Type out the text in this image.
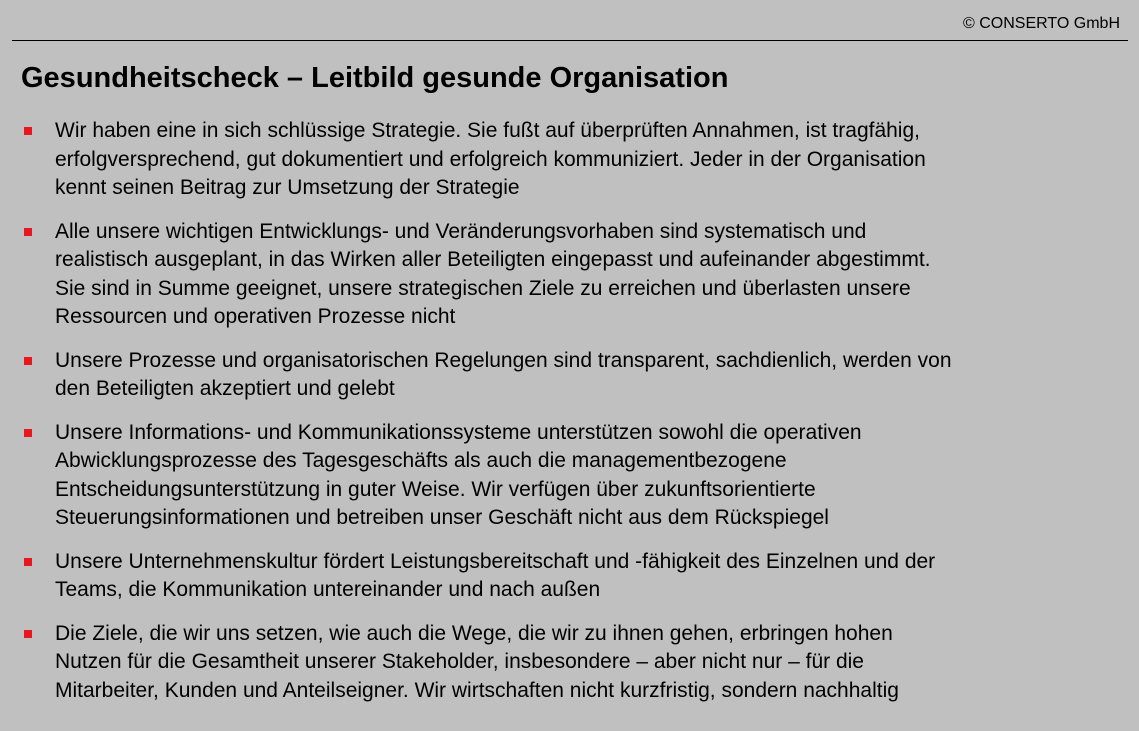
© CONSERTO GmbH
Gesundheitscheck – Leitbild gesunde Organisation
Wir haben eine in sich schlüssige Strategie. Sie fußt auf überprüften Annahmen, ist tragfähig,
erfolgversprechend, gut dokumentiert und erfolgreich kommuniziert. Jeder in der Organisation
kennt seinen Beitrag zur Umsetzung der Strategie
Alle unsere wichtigen Entwicklungs- und Veränderungsvorhaben sind systematisch und
realistisch ausgeplant, in das Wirken aller Beteiligten eingepasst und aufeinander abgestimmt.
Sie sind in Summe geeignet, unsere strategischen Ziele zu erreichen und überlasten unsere
Ressourcen und operativen Prozesse nicht
Unsere Prozesse und organisatorischen Regelungen sind transparent, sachdienlich, werden von
den Beteiligten akzeptiert und gelebt
Unsere Informations- und Kommunikationssysteme unterstützen sowohl die operativen
Abwicklungsprozesse des Tagesgeschäfts als auch die managementbezogene
Entscheidungsunterstützung in guter Weise. Wir verfügen über zukunftsorientierte
Steuerungsinformationen und betreiben unser Geschäft nicht aus dem Rückspiegel
Unsere Unternehmenskultur fördert Leistungsbereitschaft und -fähigkeit des Einzelnen und der
Teams, die Kommunikation untereinander und nach außen
Die Ziele, die wir uns setzen, wie auch die Wege, die wir zu ihnen gehen, erbringen hohen
Nutzen für die Gesamtheit unserer Stakeholder, insbesondere – aber nicht nur – für die
Mitarbeiter, Kunden und Anteilseigner. Wir wirtschaften nicht kurzfristig, sondern nachhaltig
